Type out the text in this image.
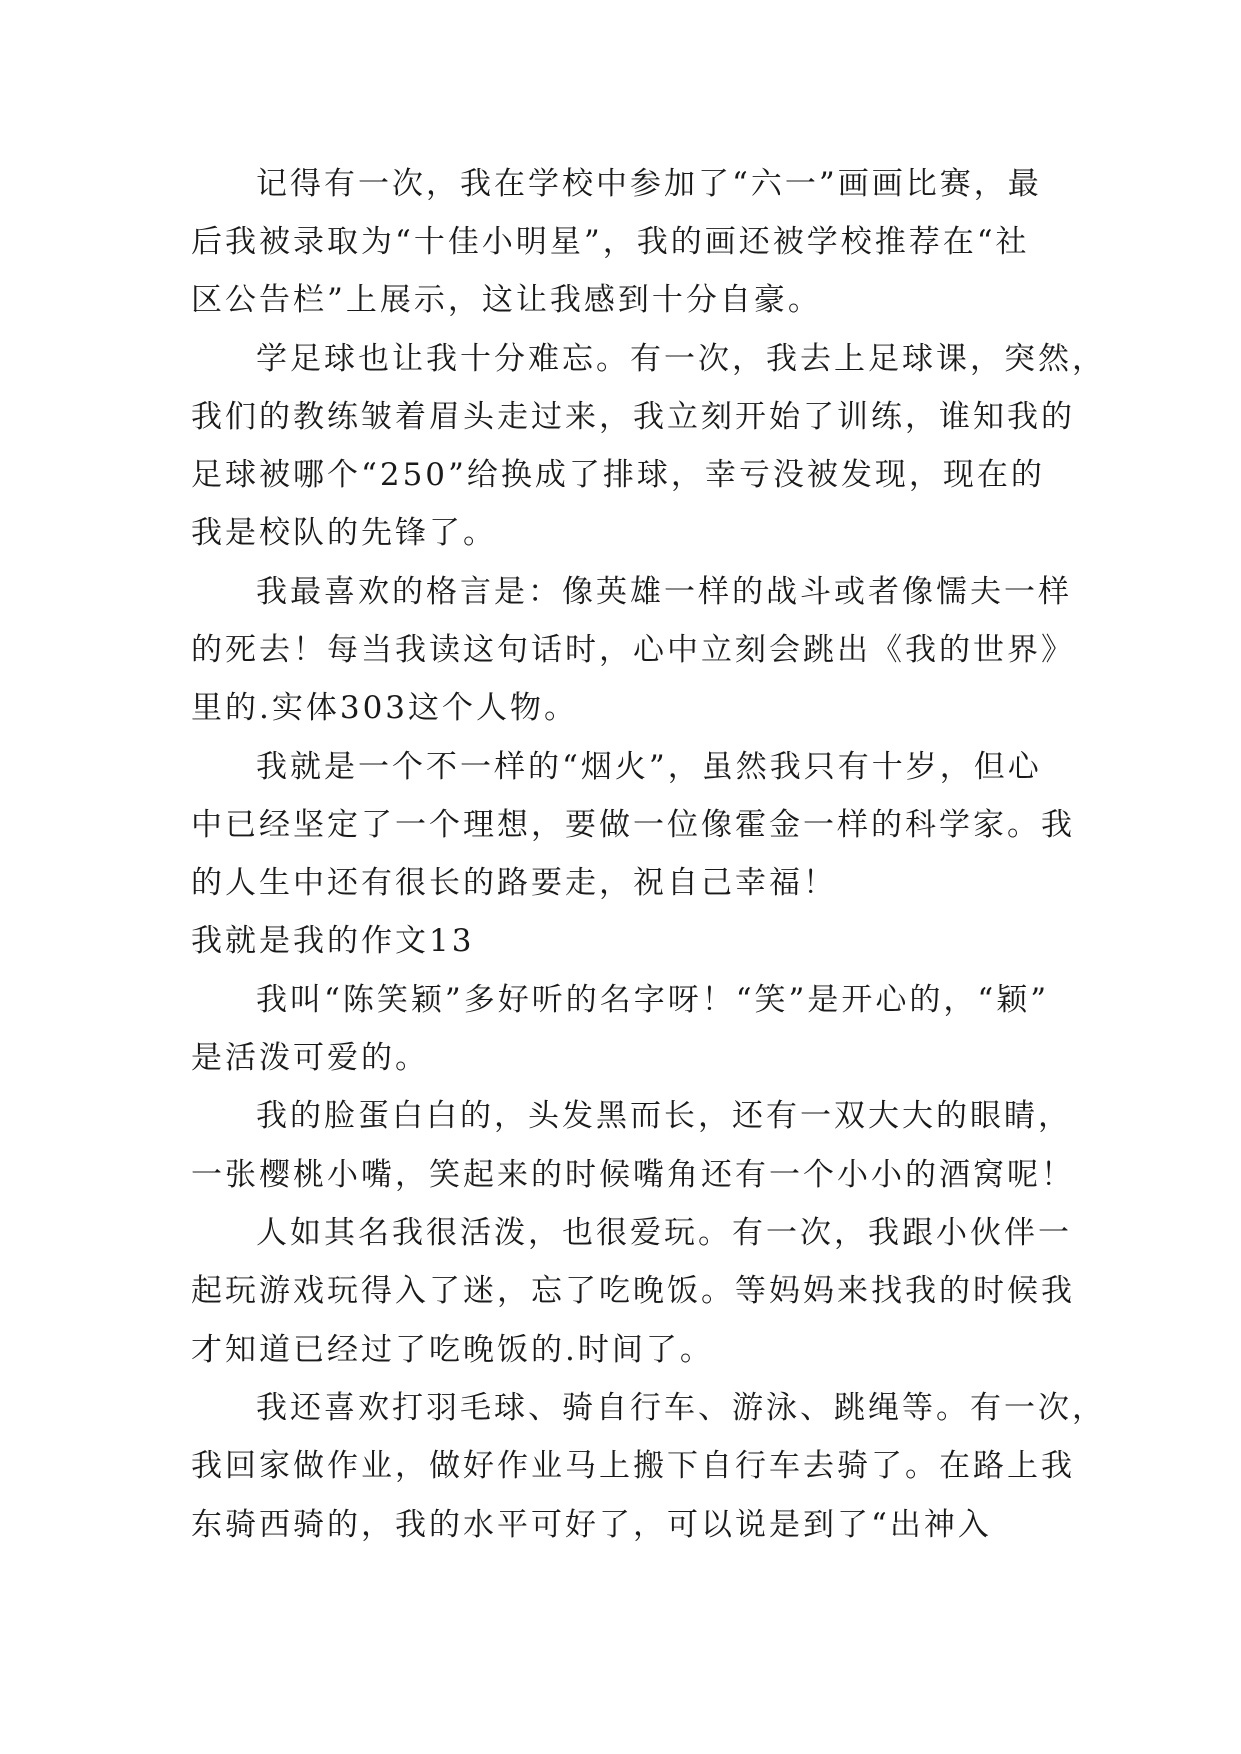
记得有一次，我在学校中参加了“六一”画画比赛，最
后我被录取为“十佳小明星”，我的画还被学校推荐在“社
区公告栏”上展示，这让我感到十分自豪。
学足球也让我十分难忘。有一次，我去上足球课，突然，
我们的教练皱着眉头走过来，我立刻开始了训练，谁知我的
足球被哪个“250”给换成了排球，幸亏没被发现，现在的
我是校队的先锋了。
我最喜欢的格言是：像英雄一样的战斗或者像懦夫一样
的死去！每当我读这句话时，心中立刻会跳出《我的世界》
里的.实体303这个人物。
我就是一个不一样的“烟火”，虽然我只有十岁，但心
中已经坚定了一个理想，要做一位像霍金一样的科学家。我
的人生中还有很长的路要走，祝自己幸福！
我就是我的作文13
我叫“陈笑颖”多好听的名字呀！“笑”是开心的，“颖”
是活泼可爱的。
我的脸蛋白白的，头发黑而长，还有一双大大的眼睛，
一张樱桃小嘴，笑起来的时候嘴角还有一个小小的酒窝呢！
人如其名我很活泼，也很爱玩。有一次，我跟小伙伴一
起玩游戏玩得入了迷，忘了吃晚饭。等妈妈来找我的时候我
才知道已经过了吃晚饭的.时间了。
我还喜欢打羽毛球、骑自行车、游泳、跳绳等。有一次，
我回家做作业，做好作业马上搬下自行车去骑了。在路上我
东骑西骑的，我的水平可好了，可以说是到了“出神入
